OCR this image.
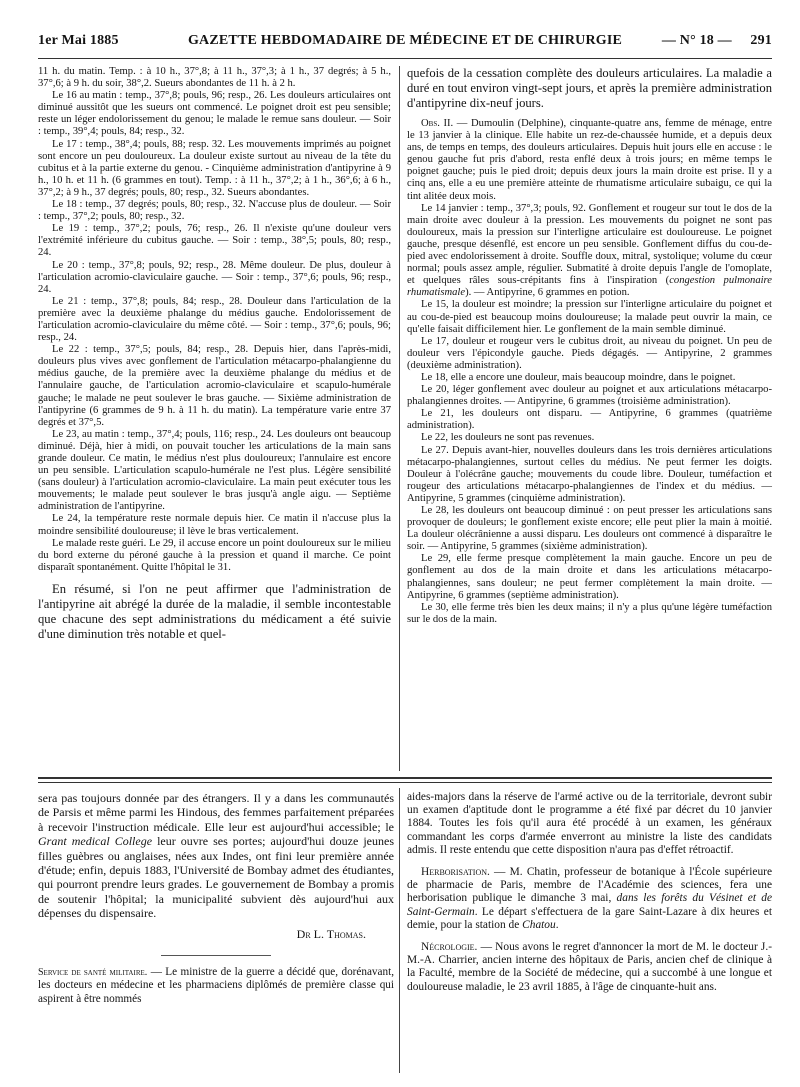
1er Mai 1885	GAZETTE HEBDOMADAIRE DE MÉDECINE ET DE CHIRURGIE	— N° 18 — 291

11 h. du matin. Temp. : à 10 h., 37°,8; à 11 h., 37°,3; à 1 h., 37 degrés; à 5 h., 37°,6; à 9 h. du soir, 38°,2. Sueurs abondantes de 11 h. à 2 h.

Le 16 au matin : temp., 37°,8; pouls, 96; resp., 26. Les douleurs articulaires ont diminué aussitôt que les sueurs ont commencé. Le poignet droit est peu sensible; reste un léger endolorissement du genou; le malade le remue sans douleur. — Soir : temp., 39°,4; pouls, 84; resp., 32.

Le 17 : temp., 38°,4; pouls, 88; resp. 32. Les mouvements imprimés au poignet sont encore un peu douloureux. La douleur existe surtout au niveau de la tête du cubitus et à la partie externe du genou. - Cinquième administration d'antipyrine à 9 h., 10 h. et 11 h. (6 grammes en tout). Temp. : à 11 h., 37°,2; à 1 h., 36°,6; à 6 h., 37°,2; à 9 h., 37 degrés; pouls, 80; resp., 32. Sueurs abondantes.

Le 18 : temp., 37 degrés; pouls, 80; resp., 32. N'accuse plus de douleur. — Soir : temp., 37°,2; pouls, 80; resp., 32.

Le 19 : temp., 37°,2; pouls, 76; resp., 26. Il n'existe qu'une douleur vers l'extrémité inférieure du cubitus gauche. — Soir : temp., 38°,5; pouls, 80; resp., 24.

Le 20 : temp., 37°,8; pouls, 92; resp., 28. Même douleur. De plus, douleur à l'articulation acromio-claviculaire gauche. — Soir : temp., 37°,6; pouls, 96; resp., 24.

Le 21 : temp., 37°,8; pouls, 84; resp., 28. Douleur dans l'articulation de la première avec la deuxième phalange du médius gauche. Endolorissement de l'articulation acromio-claviculaire du même côté. — Soir : temp., 37°,6; pouls, 96; resp., 24.

Le 22 : temp., 37°,5; pouls, 84; resp., 28. Depuis hier, dans l'après-midi, douleurs plus vives avec gonflement de l'articulation métacarpo-phalangienne du médius gauche, de la première avec la deuxième phalange du médius et de l'annulaire gauche, de l'articulation acromio-claviculaire et scapulo-humérale gauche; le malade ne peut soulever le bras gauche. — Sixième administration de l'antipyrine (6 grammes de 9 h. à 11 h. du matin). La température varie entre 37 degrés et 37°,5.

Le 23, au matin : temp., 37°,4; pouls, 116; resp., 24. Les douleurs ont beaucoup diminué. Déjà, hier à midi, on pouvait toucher les articulations de la main sans grande douleur. Ce matin, le médius n'est plus douloureux; l'annulaire est encore un peu sensible. L'articulation scapulo-humérale ne l'est plus. Légère sensibilité (sans douleur) à l'articulation acromio-claviculaire. La main peut exécuter tous les mouvements; le malade peut soulever le bras jusqu'à angle aigu. — Septième administration de l'antipyrine.

Le 24, la température reste normale depuis hier. Ce matin il n'accuse plus la moindre sensibilité douloureuse; il lève le bras verticalement.

Le malade reste guéri. Le 29, il accuse encore un point douloureux sur le milieu du bord externe du péroné gauche à la pression et quand il marche. Ce point disparaît spontanément. Quitte l'hôpital le 31.

En résumé, si l'on ne peut affirmer que l'administration de l'antipyrine ait abrégé la durée de la maladie, il semble incontestable que chacune des sept administrations du médicament a été suivie d'une diminution très notable et quel-

quefois de la cessation complète des douleurs articulaires. La maladie a duré en tout environ vingt-sept jours, et après la première administration d'antipyrine dix-neuf jours.

Obs. II. — Dumoulin (Delphine), cinquante-quatre ans, femme de ménage, entre le 13 janvier à la clinique. Elle habite un rez-de-chaussée humide, et a depuis deux ans, de temps en temps, des douleurs articulaires. Depuis huit jours elle en accuse : le genou gauche fut pris d'abord, resta enflé deux à trois jours; en même temps le poignet gauche; puis le pied droit; depuis deux jours la main droite est prise. Il y a cinq ans, elle a eu une première atteinte de rhumatisme articulaire subaigu, ce qui la tint alitée deux mois.

Le 14 janvier : temp., 37°,3; pouls, 92. Gonflement et rougeur sur tout le dos de la main droite avec douleur à la pression. Les mouvements du poignet ne sont pas douloureux, mais la pression sur l'interligne articulaire est douloureuse. Le poignet gauche, presque désenflé, est encore un peu sensible. Gonflement diffus du cou-de-pied avec endolorissement à droite. Souffle doux, mitral, systolique; volume du cœur normal; pouls assez ample, régulier. Submatité à droite depuis l'angle de l'omoplate, et quelques râles sous-crépitants fins à l'inspiration (congestion pulmonaire rhumatismale). — Antipyrine, 6 grammes en potion.

Le 15, la douleur est moindre; la pression sur l'interligne articulaire du poignet et au cou-de-pied est beaucoup moins douloureuse; la malade peut ouvrir la main, ce qu'elle faisait difficilement hier. Le gonflement de la main semble diminué.

Le 17, douleur et rougeur vers le cubitus droit, au niveau du poignet. Un peu de douleur vers l'épicondyle gauche. Pieds dégagés. — Antipyrine, 2 grammes (deuxième administration).

Le 18, elle a encore une douleur, mais beaucoup moindre, dans le poignet.

Le 20, léger gonflement avec douleur au poignet et aux articulations métacarpo-phalangiennes droites. — Antipyrine, 6 grammes (troisième administration).

Le 21, les douleurs ont disparu. — Antipyrine, 6 grammes (quatrième administration).

Le 22, les douleurs ne sont pas revenues.

Le 27. Depuis avant-hier, nouvelles douleurs dans les trois dernières articulations métacarpo-phalangiennes, surtout celles du médius. Ne peut fermer les doigts. Douleur à l'olécrâne gauche; mouvements du coude libre. Douleur, tuméfaction et rougeur des articulations métacarpo-phalangiennes de l'index et du médius. — Antipyrine, 5 grammes (cinquième administration).

Le 28, les douleurs ont beaucoup diminué : on peut presser les articulations sans provoquer de douleurs; le gonflement existe encore; elle peut plier la main à moitié. La douleur olécrânienne a aussi disparu. Les douleurs ont commencé à disparaître le soir. — Antipyrine, 5 grammes (sixième administration).

Le 29, elle ferme presque complètement la main gauche. Encore un peu de gonflement au dos de la main droite et dans les articulations métacarpo-phalangiennes, sans douleur; ne peut fermer complètement la main droite. — Antipyrine, 6 grammes (septième administration).

Le 30, elle ferme très bien les deux mains; il n'y a plus qu'une légère tuméfaction sur le dos de la main.

sera pas toujours donnée par des étrangers. Il y a dans les communautés de Parsis et même parmi les Hindous, des femmes parfaitement préparées à recevoir l'instruction médicale. Elle leur est aujourd'hui accessible; le Grant medical College leur ouvre ses portes; aujourd'hui douze jeunes filles guèbres ou anglaises, nées aux Indes, ont fini leur première année d'étude; enfin, depuis 1883, l'Université de Bombay admet des étudiantes, qui pourront prendre leurs grades. Le gouvernement de Bombay a promis de soutenir l'hôpital; la municipalité subvient dès aujourd'hui aux dépenses du dispensaire.

Dr L. Thomas.

Service de santé militaire. — Le ministre de la guerre a décidé que, dorénavant, les docteurs en médecine et les pharmaciens diplômés de première classe qui aspirent à être nommés

aides-majors dans la réserve de l'armé active ou de la territoriale, devront subir un examen d'aptitude dont le programme a été fixé par décret du 10 janvier 1884. Toutes les fois qu'il aura été procédé à un examen, les généraux commandant les corps d'armée enverront au ministre la liste des candidats admis. Il reste entendu que cette disposition n'aura pas d'effet rétroactif.

Herborisation. — M. Chatin, professeur de botanique à l'École supérieure de pharmacie de Paris, membre de l'Académie des sciences, fera une herborisation publique le dimanche 3 mai, dans les forêts du Vésinet et de Saint-Germain. Le départ s'effectuera de la gare Saint-Lazare à dix heures et demie, pour la station de Chatou.

Nécrologie. — Nous avons le regret d'annoncer la mort de M. le docteur J.-M.-A. Charrier, ancien interne des hôpitaux de Paris, ancien chef de clinique à la Faculté, membre de la Société de médecine, qui a succombé à une longue et douloureuse maladie, le 23 avril 1885, à l'âge de cinquante-huit ans.
